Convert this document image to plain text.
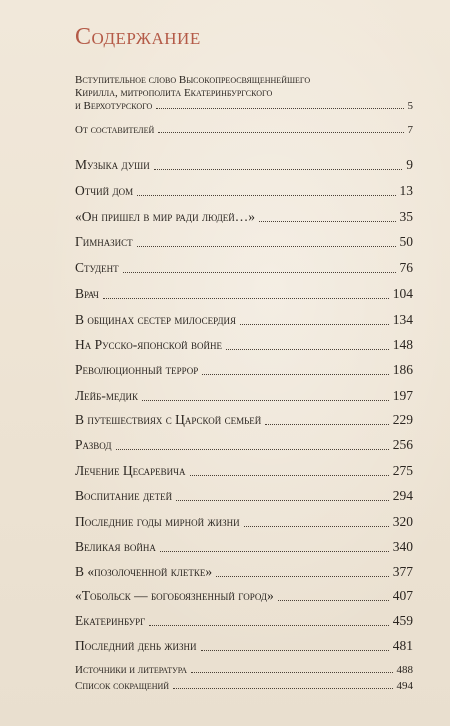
Содержание
Вступительное слово Высокопреосвященнейшего
Кирилла, митрополита Екатеринбургского
и Верхотурского	5
От составителей	7
Музыка души	9
Отчий дом	13
«Он пришел в мир ради людей…»	35
Гимназист	50
Студент	76
Врач	104
В общинах сестер милосердия	134
На Русско-японской войне	148
Революционный террор	186
Лейб-медик	197
В путешествиях с Царской семьей	229
Развод	256
Лечение Цесаревича	275
Воспитание детей	294
Последние годы мирной жизни	320
Великая война	340
В «позолоченной клетке»	377
«Тобольск — богобоязненный город»	407
Екатеринбург	459
Последний день жизни	481
Источники и литература	488
Список сокращений	494
